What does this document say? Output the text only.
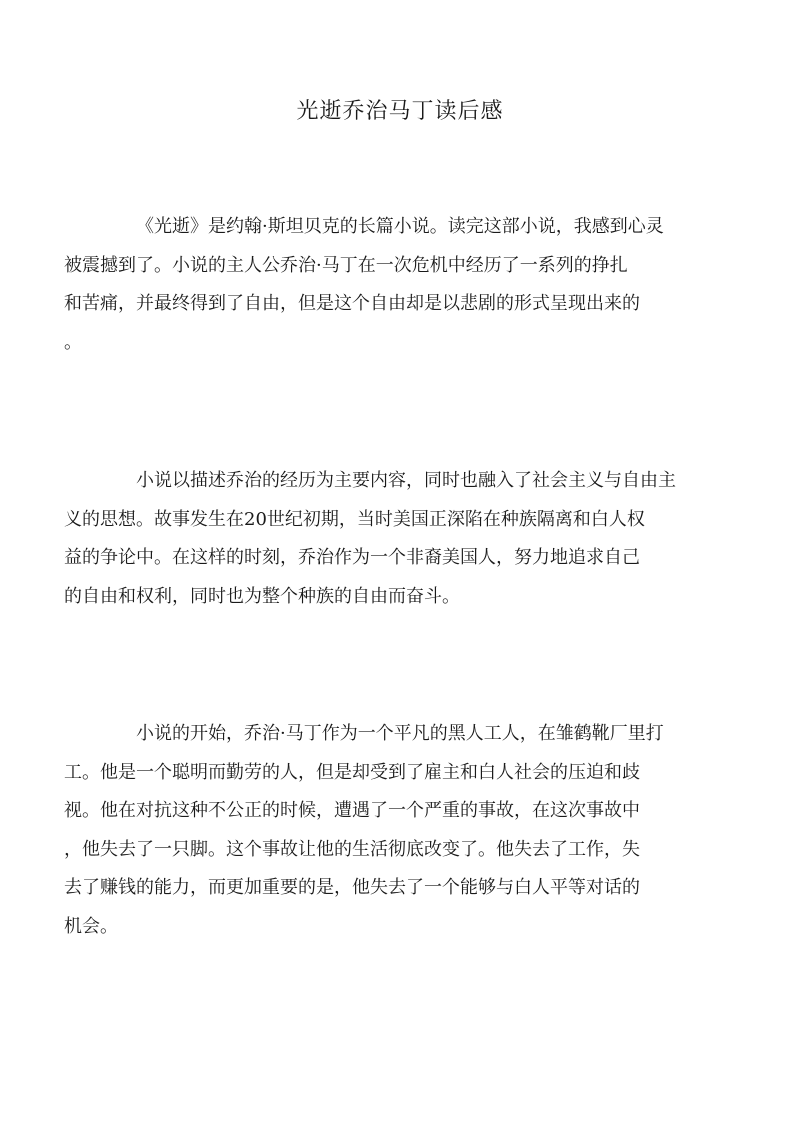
光逝乔治马丁读后感
《光逝》是约翰·斯坦贝克的长篇小说。读完这部小说，我感到心灵
被震撼到了。小说的主人公乔治·马丁在一次危机中经历了一系列的挣扎
和苦痛，并最终得到了自由，但是这个自由却是以悲剧的形式呈现出来的
。
小说以描述乔治的经历为主要内容，同时也融入了社会主义与自由主
义的思想。故事发生在20世纪初期，当时美国正深陷在种族隔离和白人权
益的争论中。在这样的时刻，乔治作为一个非裔美国人，努力地追求自己
的自由和权利，同时也为整个种族的自由而奋斗。
小说的开始，乔治·马丁作为一个平凡的黑人工人，在雏鹤靴厂里打
工。他是一个聪明而勤劳的人，但是却受到了雇主和白人社会的压迫和歧
视。他在对抗这种不公正的时候，遭遇了一个严重的事故，在这次事故中
，他失去了一只脚。这个事故让他的生活彻底改变了。他失去了工作，失
去了赚钱的能力，而更加重要的是，他失去了一个能够与白人平等对话的
机会。
